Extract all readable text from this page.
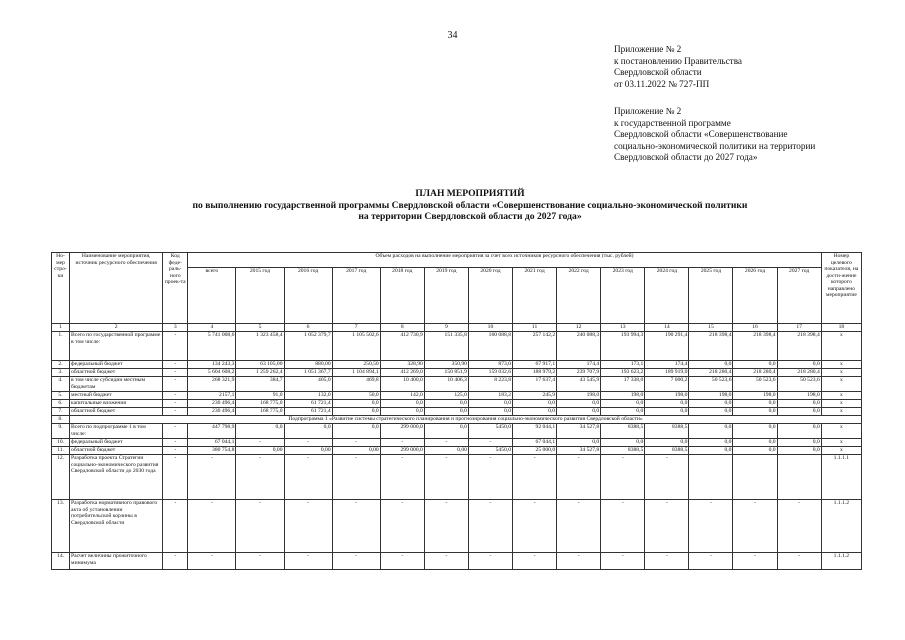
34
Приложение № 2
к постановлению Правительства
Свердловской области
от 03.11.2022 № 727-ПП
Приложение № 2
к государственной программе
Свердловской области «Совершенствование
социально-экономической политики на территории
Свердловской области до 2027 года»
ПЛАН МЕРОПРИЯТИЙ
по выполнению государственной программы Свердловской области «Совершенствование социально-экономической политики
на территории Свердловской области до 2027 года»
Но-мер стро-ки	Наименование мероприятия, источник ресурсного обеспечения	Код феде-раль-ного проек-та	Объем расходов на выполнение мероприятия за счет всех источников ресурсного обеспечения (тыс. рублей)														Номер целевого показателя, на дости-жение которого направлено мероприятие
			всего	2015 год	2016 год	2017 год	2018 год	2019 год	2020 год	2021 год	2022 год	2023 год	2024 год	2025 год	2026 год	2027 год	
1	2	3	4	5	6	7	8	9	10	11	12	13	14	15	16	17	18
1.	Всего по государственной программе в том числе:	-	5 741 008,6	1 323 458,4	1 052 379,7	1 105 502,6	412 730,9	151 335,8	160 088,8	257 142,2	240 088,3	193 994,3	190 291,4	218 398,4	218 398,4	218 398,4	x
2.	федеральный бюджет	-	134 243,3	63 105,00	880,00	250,50	328,90	350,90	873,0	67 917,1	174,4	173,1	174,4	0,0	0,0	0,0	x
3.	областной бюджет	-	5 604 608,2	1 259 262,4	1 051 367,7	1 104 894,1	412 269,0	150 851,9	159 032,6	188 979,2	239 707,9	193 623,2	189 919,0	218 280,4	218 280,4	218 280,4	x
4.	в том числе субсидии местным бюджетам	-	268 321,9	384,7	405,0	469,8	10 400,0	10 406,3	8 223,8	17 637,4	43 545,9	17 338,0	7 000,2	50 523,6	50 523,6	50 523,6	x
5.	местный бюджет	-	2157,1	91,0	132,0	50,0	142,0	125,0	183,2	245,9	198,0	198,0	198,0	198,0	198,0	198,0	x
6.	капитальные вложения	-	230 496,4	168 775,0	61 721,4	0,0	0,0	0,0	0,0	0,0	0,0	0,0	0,0	0,0	0,0	0,0	x
7.	областной бюджет	-	230 496,4	168 775,0	61 721,4	0,0	0,0	0,0	0,0	0,0	0,0	0,0	0,0	0,0	0,0	0,0	x
8.	Подпрограмма 1 «Развитие системы стратегического планирования и прогнозирования социально-экономического развития Свердловской области»																
9.	Всего по подпрограмме 1 в том числе:	-	447 798,9	0,0	0,0	0,0	299 000,0	0,0	5450,0	92 044,1	34 527,8	8388,5	8388,5	0,0	0,0	0,0	x
10.	федеральный бюджет	-	67 044,1	-	-	-	-	-	-	67 044,1	0,0	0,0	0,0	0,0	0,0	0,0	x
11.	областной бюджет	-	380 754,8	0,00	0,00	0,00	299 000,0	0,00	5450,0	25 000,0	34 527,8	8388,5	8388,5	0,0	0,0	0,0	x
12.	Разработка проекта Стратегии социально-экономического развития Свердловской области до 2030 года	-	-	-	-	-	-	-	-	-	-	-	-				1.1.1.1
13.	Разработка нормативного правового акта об установлении потребительской корзины в Свердловской области	-	-	-	-	-	-	-	-	-	-	-	-	-	-	-	1.1.1.2
14.	Расчет величины прожиточного минимума	-	-	-	-	-	-	-	-	-	-	-	-	-	-	-	1.1.1.2
